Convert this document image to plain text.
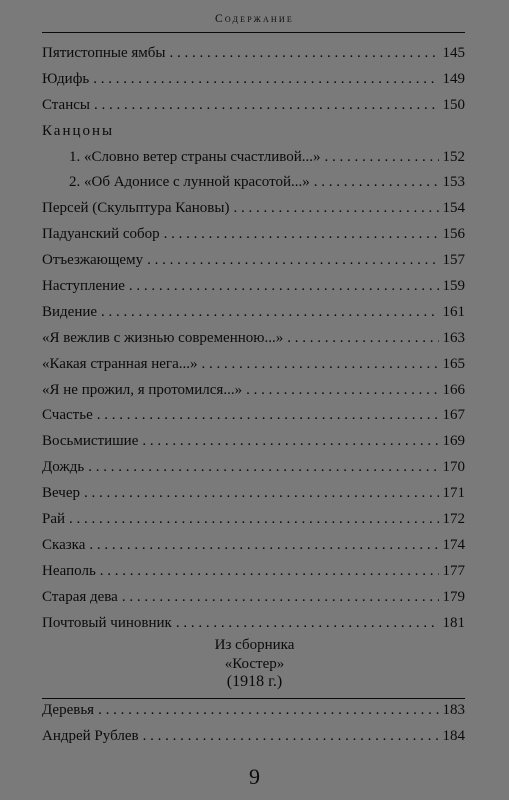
Содержание
Пятистопные ямбы . . .	145
Юдифь . . .	149
Стансы . . .	150
Канцоны
1. «Словно ветер страны счастливой...» . . .	152
2. «Об Адонисе с лунной красотой...» . . .	153
Персей (Скульптура Кановы) . . .	154
Падуанский собор . . .	156
Отъезжающему . . .	157
Наступление . . .	159
Видение . . .	161
«Я вежлив с жизнью современною...» . . .	163
«Какая странная нега...» . . .	165
«Я не прожил, я протомился...» . . .	166
Счастье . . .	167
Восьмистишие . . .	169
Дождь . . .	170
Вечер . . .	171
Рай . . .	172
Сказка . . .	174
Неаполь . . .	177
Старая дева . . .	179
Почтовый чиновник . . .	181
Из сборника
«Костер»
(1918 г.)
Деревья . . .	183
Андрей Рублев . . .	184
9
